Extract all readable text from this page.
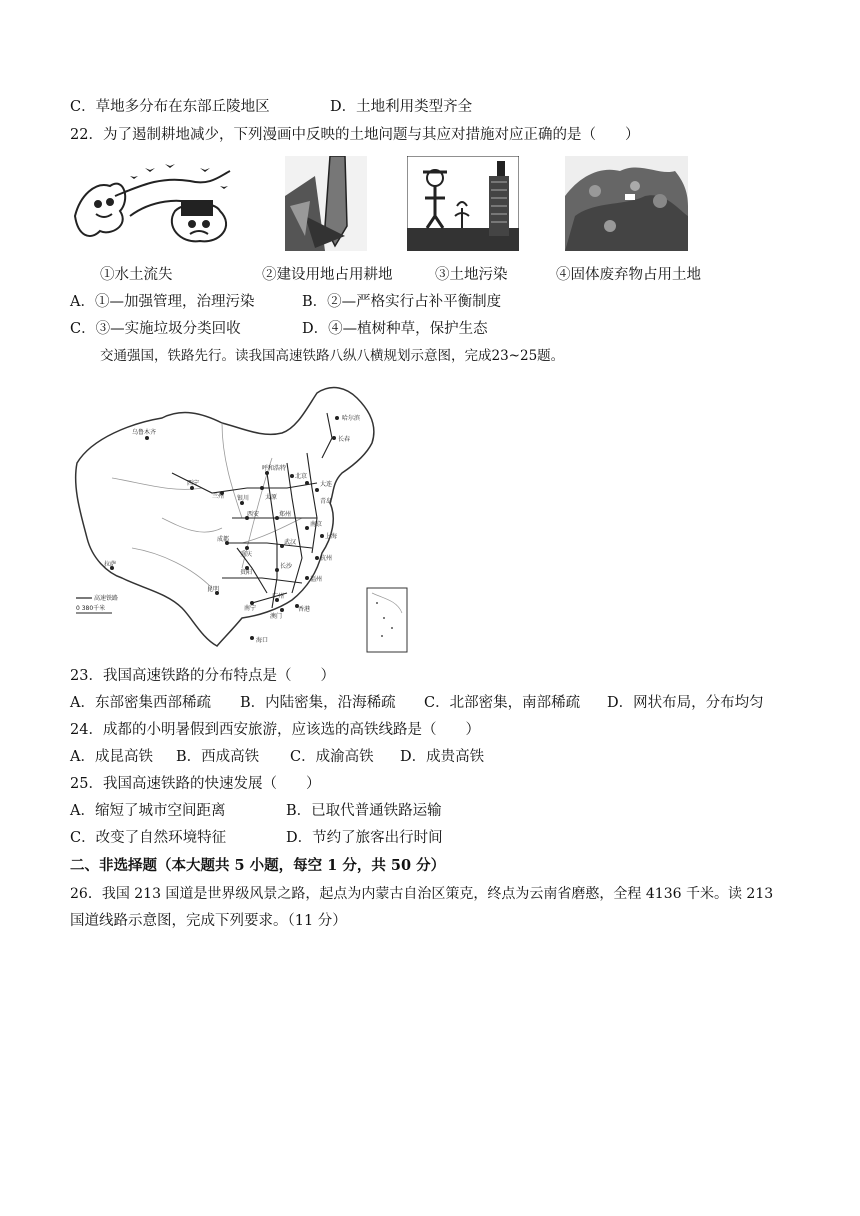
C．草地多分布在东部丘陵地区	D．土地利用类型齐全
22．为了遏制耕地减少，下列漫画中反映的土地问题与其应对措施对应正确的是（　　）
①水土流失	②建设用地占用耕地	③土地污染	④固体废弃物占用土地
A．①—加强管理，治理污染	B．②—严格实行占补平衡制度
C．③—实施垃圾分类回收	D．④—植树种草，保护生态
交通强国，铁路先行。读我国高速铁路八纵八横规划示意图，完成23~25题。
乌鲁木齐
哈尔滨
长春
呼和浩特
北京
大连
西宁
太原
青岛
兰州 银川
西安	郑州
南京
上海
拉萨
成都
重庆
武汉
杭州
贵阳
长沙
福州
昆明
南宁
广州
香港
澳门
海口
高速铁路
0 380千米
23．我国高速铁路的分布特点是（　　）
A．东部密集西部稀疏 B．内陆密集，沿海稀疏 C．北部密集，南部稀疏 D．网状布局，分布均匀
24．成都的小明暑假到西安旅游，应该选的高铁线路是（　　）
A．成昆高铁 B．西成高铁 C．成渝高铁 D．成贵高铁
25．我国高速铁路的快速发展（　　）
A．缩短了城市空间距离	B．已取代普通铁路运输
C．改变了自然环境特征	D．节约了旅客出行时间
二、非选择题（本大题共 5 小题，每空 1 分，共 50 分）
26．我国 213 国道是世界级风景之路，起点为内蒙古自治区策克，终点为云南省磨憨，全程 4136 千米。读 213
国道线路示意图，完成下列要求。（11 分）
